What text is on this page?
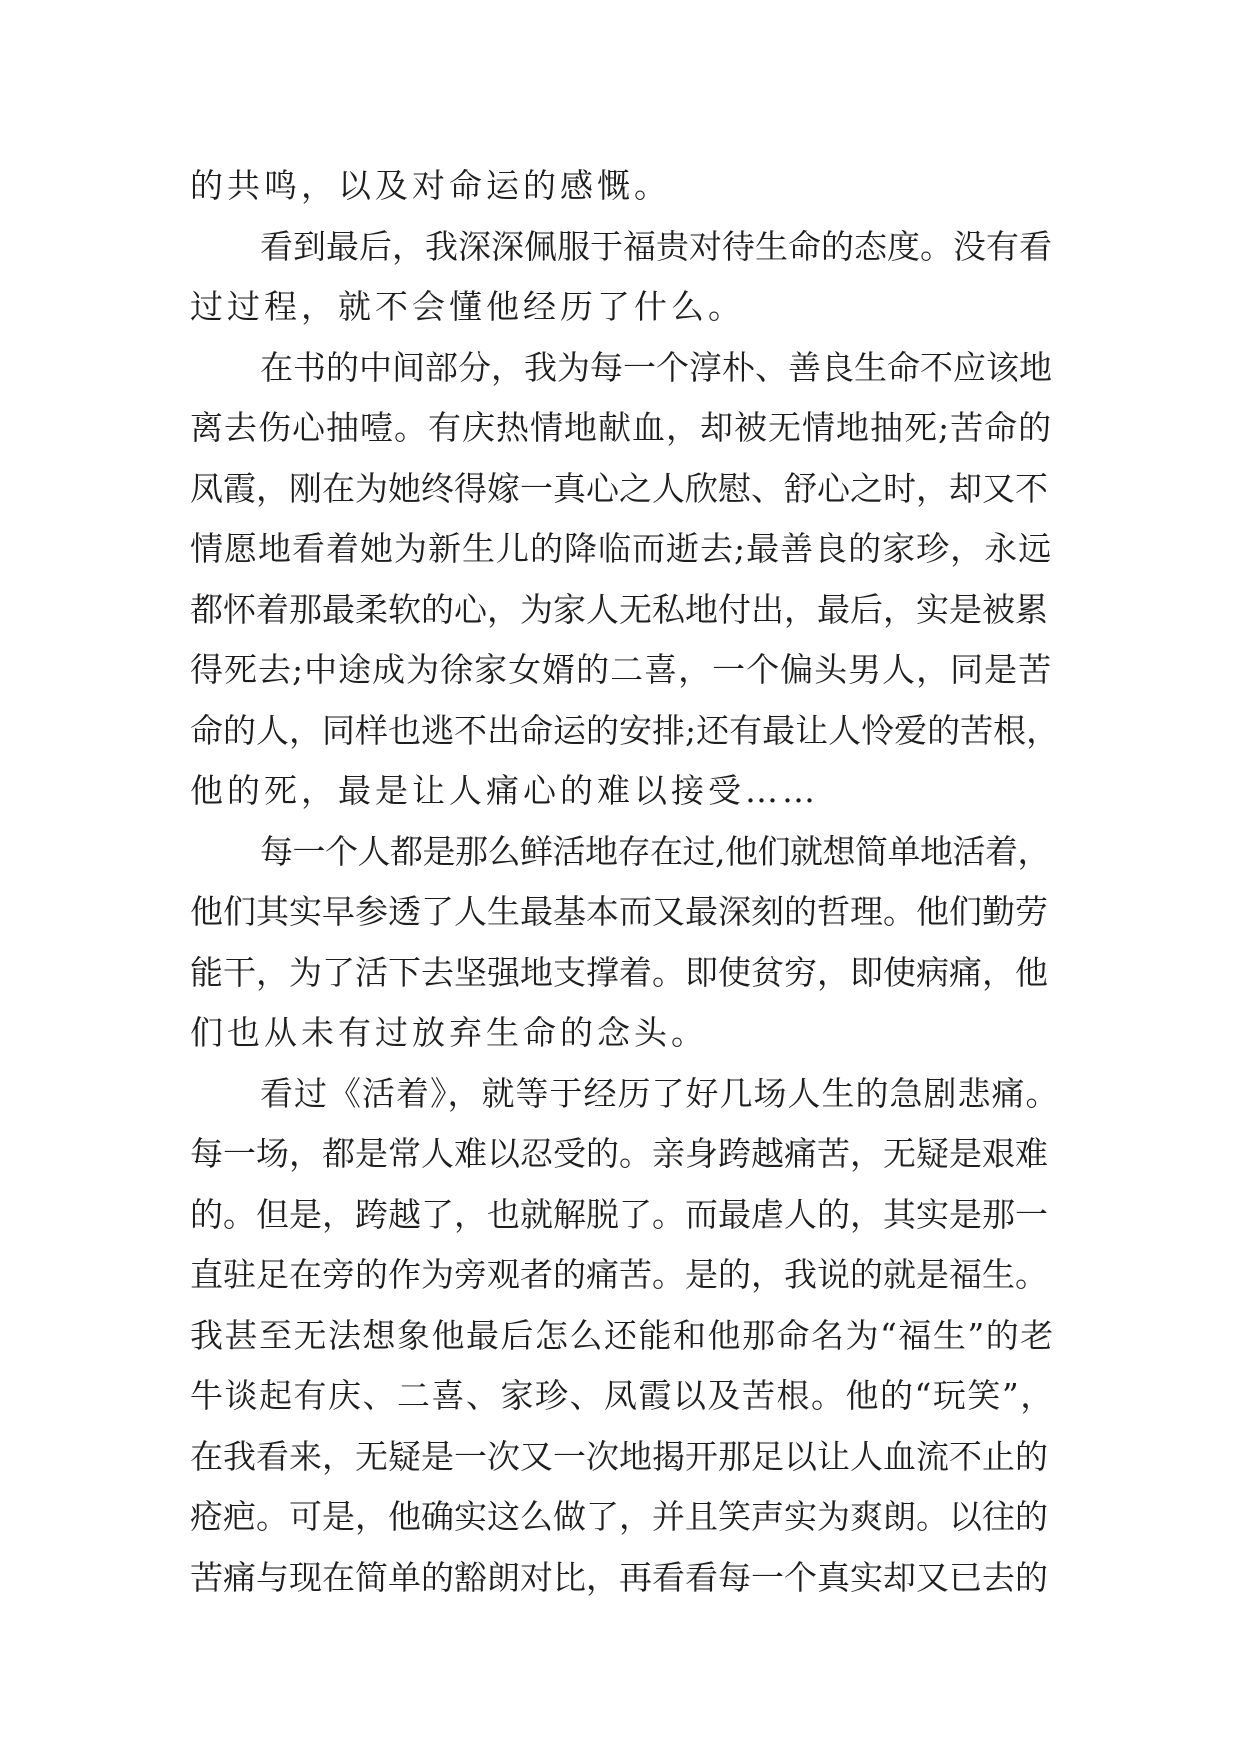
的共鸣，以及对命运的感慨。
看到最后，我深深佩服于福贵对待生命的态度。没有看
过过程，就不会懂他经历了什么。
在书的中间部分，我为每一个淳朴、善良生命不应该地
离去伤心抽噎。有庆热情地献血，却被无情地抽死;苦命的
凤霞，刚在为她终得嫁一真心之人欣慰、舒心之时，却又不
情愿地看着她为新生儿的降临而逝去;最善良的家珍，永远
都怀着那最柔软的心，为家人无私地付出，最后，实是被累
得死去;中途成为徐家女婿的二喜，一个偏头男人，同是苦
命的人，同样也逃不出命运的安排;还有最让人怜爱的苦根，
他的死，最是让人痛心的难以接受……
每一个人都是那么鲜活地存在过,他们就想简单地活着，
他们其实早参透了人生最基本而又最深刻的哲理。他们勤劳
能干，为了活下去坚强地支撑着。即使贫穷，即使病痛，他
们也从未有过放弃生命的念头。
看过《活着》，就等于经历了好几场人生的急剧悲痛。
每一场，都是常人难以忍受的。亲身跨越痛苦，无疑是艰难
的。但是，跨越了，也就解脱了。而最虐人的，其实是那一
直驻足在旁的作为旁观者的痛苦。是的，我说的就是福生。
我甚至无法想象他最后怎么还能和他那命名为“福生”的老
牛谈起有庆、二喜、家珍、凤霞以及苦根。他的“玩笑”，
在我看来，无疑是一次又一次地揭开那足以让人血流不止的
疮疤。可是，他确实这么做了，并且笑声实为爽朗。以往的
苦痛与现在简单的豁朗对比，再看看每一个真实却又已去的
